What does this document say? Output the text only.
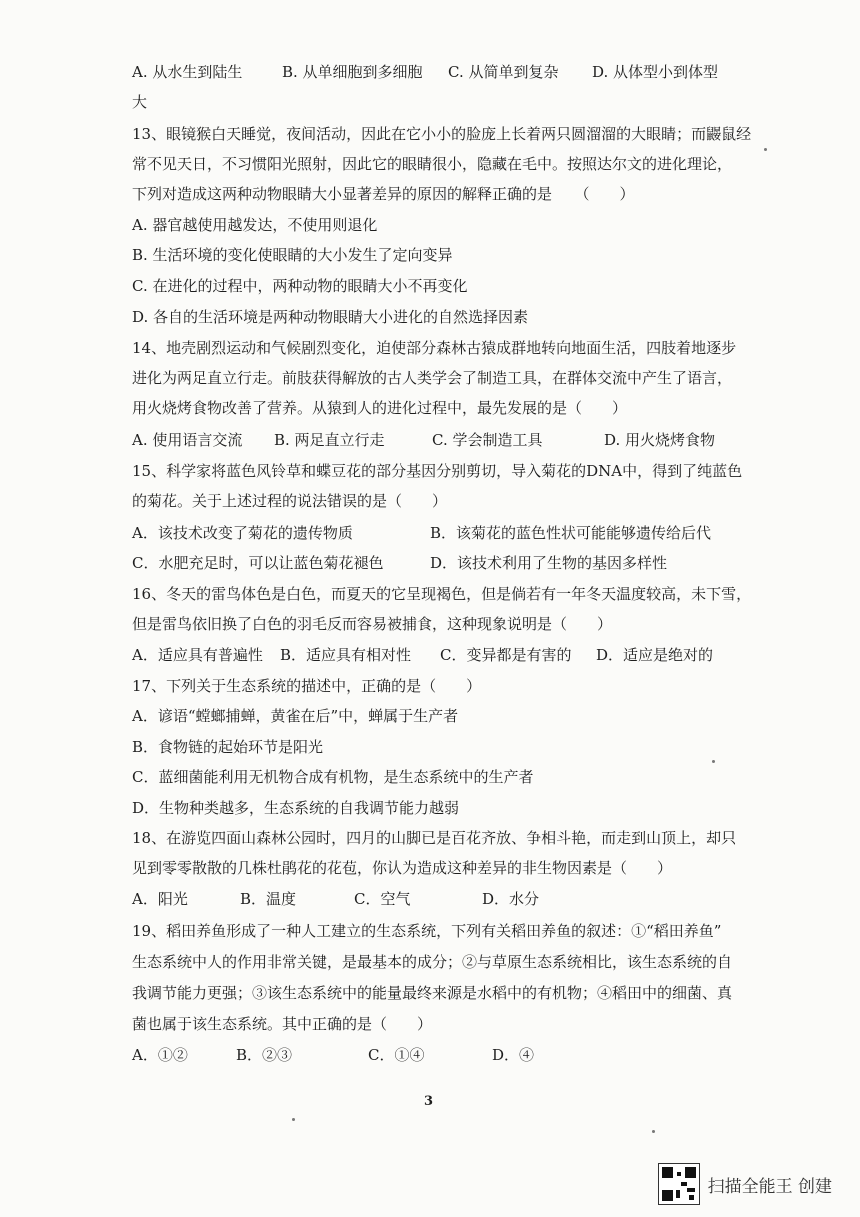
A. 从水生到陆生	B. 从单细胞到多细胞 C. 从简单到复杂 D. 从体型小到体型
大
13、眼镜猴白天睡觉，夜间活动，因此在它小小的脸庞上长着两只圆溜溜的大眼睛；而鼹鼠经
常不见天日，不习惯阳光照射，因此它的眼睛很小，隐藏在毛中。按照达尔文的进化理论，
下列对造成这两种动物眼睛大小显著差异的原因的解释正确的是　　（　　）
A. 器官越使用越发达，不使用则退化
B. 生活环境的变化使眼睛的大小发生了定向变异
C. 在进化的过程中，两种动物的眼睛大小不再变化
D. 各自的生活环境是两种动物眼睛大小进化的自然选择因素
14、地壳剧烈运动和气候剧烈变化，迫使部分森林古猿成群地转向地面生活，四肢着地逐步
进化为两足直立行走。前肢获得解放的古人类学会了制造工具，在群体交流中产生了语言，
用火烧烤食物改善了营养。从猿到人的进化过程中，最先发展的是（　　）
A. 使用语言交流 B. 两足直立行走	C. 学会制造工具	D. 用火烧烤食物
15、科学家将蓝色风铃草和蝶豆花的部分基因分别剪切，导入菊花的DNA中，得到了纯蓝色
的菊花。关于上述过程的说法错误的是（　　）
A．该技术改变了菊花的遗传物质	B．该菊花的蓝色性状可能能够遗传给后代
C．水肥充足时，可以让蓝色菊花褪色	D．该技术利用了生物的基因多样性
16、冬天的雷鸟体色是白色，而夏天的它呈现褐色，但是倘若有一年冬天温度较高，未下雪，
但是雷鸟依旧换了白色的羽毛反而容易被捕食，这种现象说明是（　　）
A．适应具有普遍性 B．适应具有相对性 C．变异都是有害的 D．适应是绝对的
17、下列关于生态系统的描述中，正确的是（　　）
A．谚语“螳螂捕蝉，黄雀在后”中，蝉属于生产者
B．食物链的起始环节是阳光
C．蓝细菌能利用无机物合成有机物，是生态系统中的生产者
D．生物种类越多，生态系统的自我调节能力越弱
18、在游览四面山森林公园时，四月的山脚已是百花齐放、争相斗艳，而走到山顶上，却只
见到零零散散的几株杜鹃花的花苞，你认为造成这种差异的非生物因素是（　　）
A．阳光	B．温度	C．空气	D．水分
19、稻田养鱼形成了一种人工建立的生态系统，下列有关稻田养鱼的叙述：①“稻田养鱼”
生态系统中人的作用非常关键，是最基本的成分；②与草原生态系统相比，该生态系统的自
我调节能力更强；③该生态系统中的能量最终来源是水稻中的有机物；④稻田中的细菌、真
菌也属于该生态系统。其中正确的是（　　）
A．①②	B．②③	C．①④	D．④
3
扫描全能王 创建
